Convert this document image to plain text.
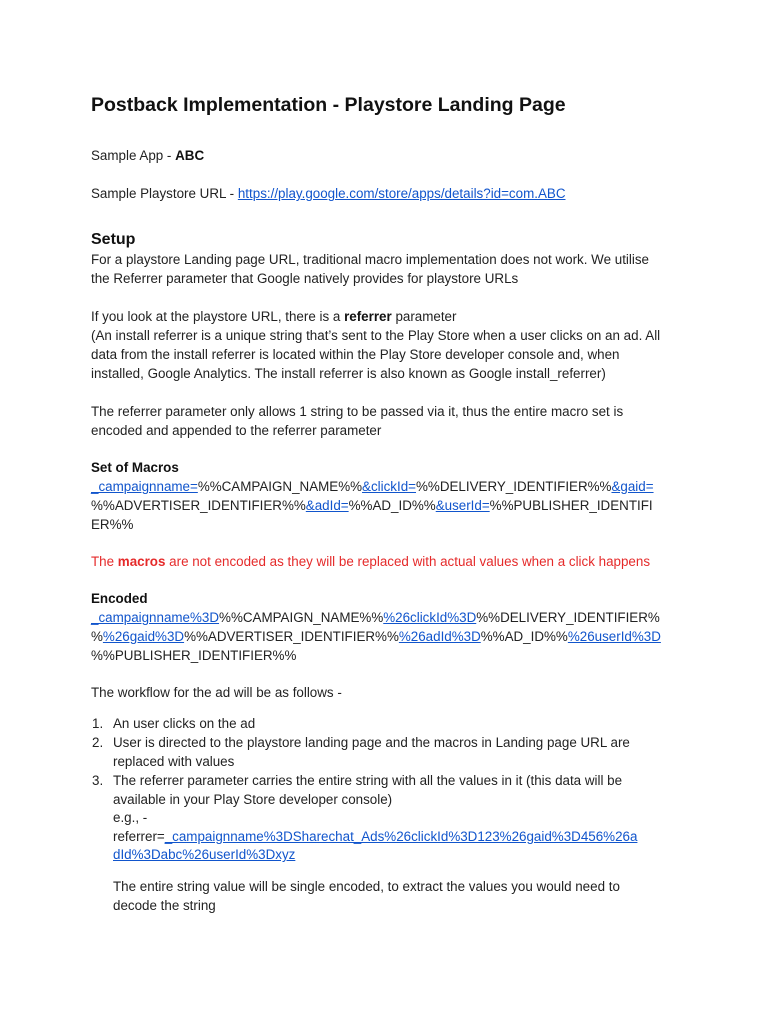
Postback Implementation - Playstore Landing Page
Sample App - ABC
Sample Playstore URL - https://play.google.com/store/apps/details?id=com.ABC
Setup
For a playstore Landing page URL, traditional macro implementation does not work. We utilise
the Referrer parameter that Google natively provides for playstore URLs
If you look at the playstore URL, there is a referrer parameter
(An install referrer is a unique string that’s sent to the Play Store when a user clicks on an ad. All
data from the install referrer is located within the Play Store developer console and, when
installed, Google Analytics. The install referrer is also known as Google install_referrer)
The referrer parameter only allows 1 string to be passed via it, thus the entire macro set is
encoded and appended to the referrer parameter
Set of Macros
_campaignname=%%CAMPAIGN_NAME%%&clickId=%%DELIVERY_IDENTIFIER%%&gaid=
%%ADVERTISER_IDENTIFIER%%&adId=%%AD_ID%%&userId=%%PUBLISHER_IDENTIFI
ER%%
The macros are not encoded as they will be replaced with actual values when a click happens
Encoded
_campaignname%3D%%CAMPAIGN_NAME%%%26clickId%3D%%DELIVERY_IDENTIFIER%
%%26gaid%3D%%ADVERTISER_IDENTIFIER%%%26adId%3D%%AD_ID%%%26userId%3D
%%PUBLISHER_IDENTIFIER%%
The workflow for the ad will be as follows -
1. An user clicks on the ad
2. User is directed to the playstore landing page and the macros in Landing page URL are
replaced with values
3. The referrer parameter carries the entire string with all the values in it (this data will be
available in your Play Store developer console)
e.g., -
referrer=_campaignname%3DSharechat_Ads%26clickId%3D123%26gaid%3D456%26a
dId%3Dabc%26userId%3Dxyz
The entire string value will be single encoded, to extract the values you would need to
decode the string
